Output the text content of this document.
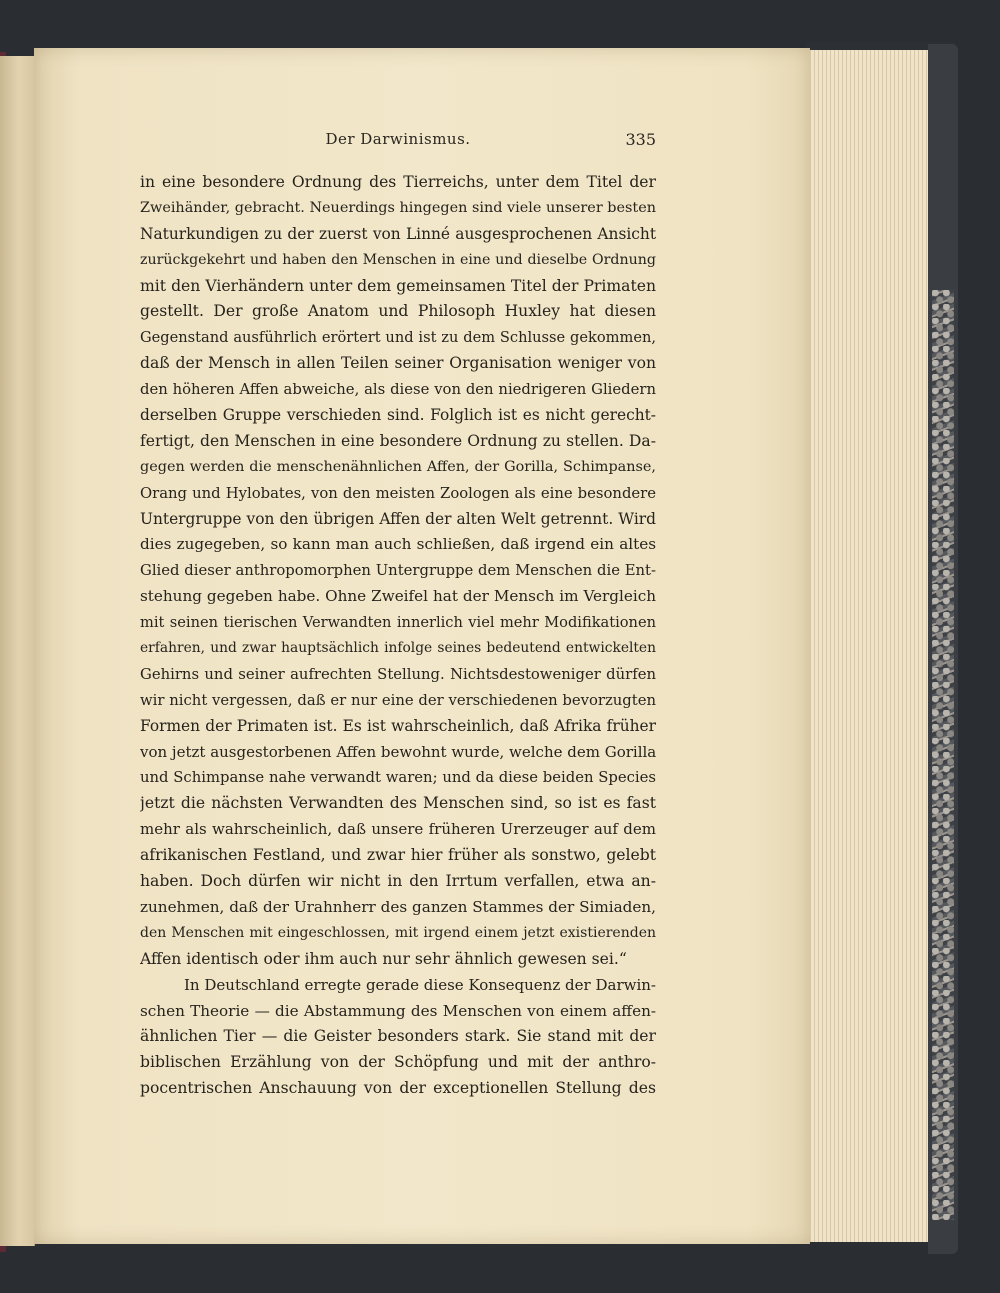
Der Darwinismus.	335
in eine besondere Ordnung des Tierreichs, unter dem Titel der
Zweihänder, gebracht. Neuerdings hingegen sind viele unserer besten
Naturkundigen zu der zuerst von Linné ausgesprochenen Ansicht
zurückgekehrt und haben den Menschen in eine und dieselbe Ordnung
mit den Vierhändern unter dem gemeinsamen Titel der Primaten
gestellt. Der große Anatom und Philosoph Huxley hat diesen
Gegenstand ausführlich erörtert und ist zu dem Schlusse gekommen,
daß der Mensch in allen Teilen seiner Organisation weniger von
den höheren Affen abweiche, als diese von den niedrigeren Gliedern
derselben Gruppe verschieden sind. Folglich ist es nicht gerecht-
fertigt, den Menschen in eine besondere Ordnung zu stellen. Da-
gegen werden die menschenähnlichen Affen, der Gorilla, Schimpanse,
Orang und Hylobates, von den meisten Zoologen als eine besondere
Untergruppe von den übrigen Affen der alten Welt getrennt. Wird
dies zugegeben, so kann man auch schließen, daß irgend ein altes
Glied dieser anthropomorphen Untergruppe dem Menschen die Ent-
stehung gegeben habe. Ohne Zweifel hat der Mensch im Vergleich
mit seinen tierischen Verwandten innerlich viel mehr Modifikationen
erfahren, und zwar hauptsächlich infolge seines bedeutend entwickelten
Gehirns und seiner aufrechten Stellung. Nichtsdestoweniger dürfen
wir nicht vergessen, daß er nur eine der verschiedenen bevorzugten
Formen der Primaten ist. Es ist wahrscheinlich, daß Afrika früher
von jetzt ausgestorbenen Affen bewohnt wurde, welche dem Gorilla
und Schimpanse nahe verwandt waren; und da diese beiden Species
jetzt die nächsten Verwandten des Menschen sind, so ist es fast
mehr als wahrscheinlich, daß unsere früheren Urerzeuger auf dem
afrikanischen Festland, und zwar hier früher als sonstwo, gelebt
haben. Doch dürfen wir nicht in den Irrtum verfallen, etwa an-
zunehmen, daß der Urahnherr des ganzen Stammes der Simiaden,
den Menschen mit eingeschlossen, mit irgend einem jetzt existierenden
Affen identisch oder ihm auch nur sehr ähnlich gewesen sei.“
In Deutschland erregte gerade diese Konsequenz der Darwin-
schen Theorie — die Abstammung des Menschen von einem affen-
ähnlichen Tier — die Geister besonders stark. Sie stand mit der
biblischen Erzählung von der Schöpfung und mit der anthro-
pocentrischen Anschauung von der exceptionellen Stellung des
